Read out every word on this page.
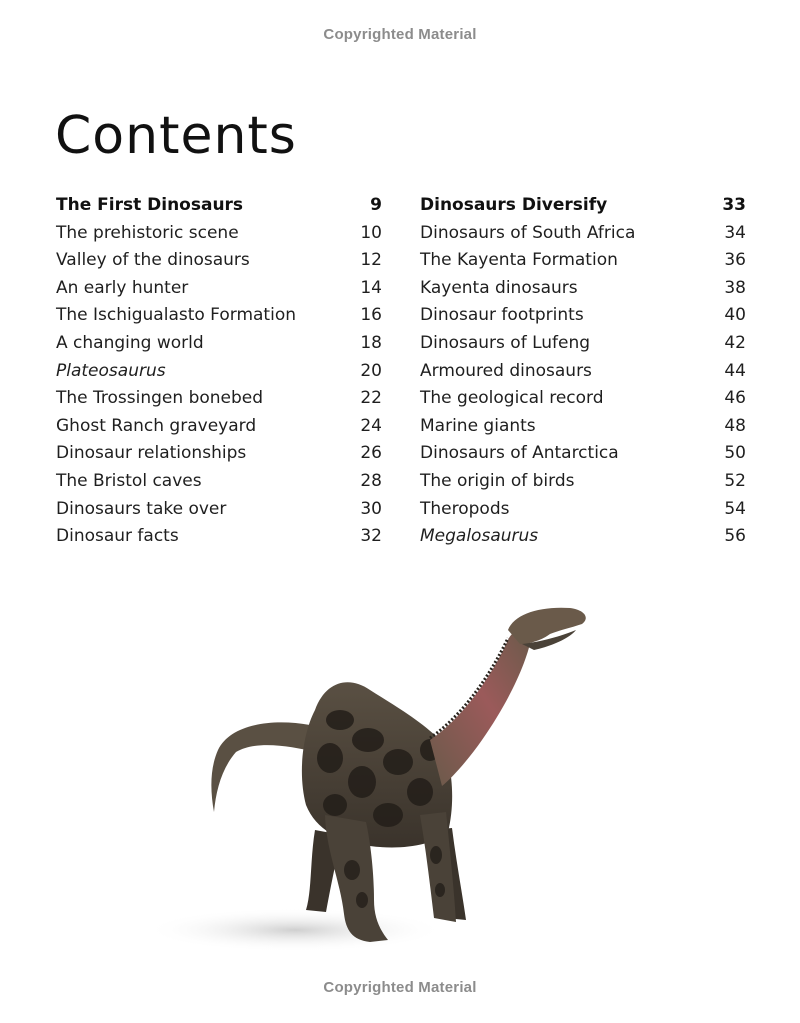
Copyrighted Material
Contents
The First Dinosaurs	9
The prehistoric scene	10
Valley of the dinosaurs	12
An early hunter	14
The Ischigualasto Formation	16
A changing world	18
Plateosaurus	20
The Trossingen bonebed	22
Ghost Ranch graveyard	24
Dinosaur relationships	26
The Bristol caves	28
Dinosaurs take over	30
Dinosaur facts	32
Dinosaurs Diversify	33
Dinosaurs of South Africa	34
The Kayenta Formation	36
Kayenta dinosaurs	38
Dinosaur footprints	40
Dinosaurs of Lufeng	42
Armoured dinosaurs	44
The geological record	46
Marine giants	48
Dinosaurs of Antarctica	50
The origin of birds	52
Theropods	54
Megalosaurus	56
Copyrighted Material
